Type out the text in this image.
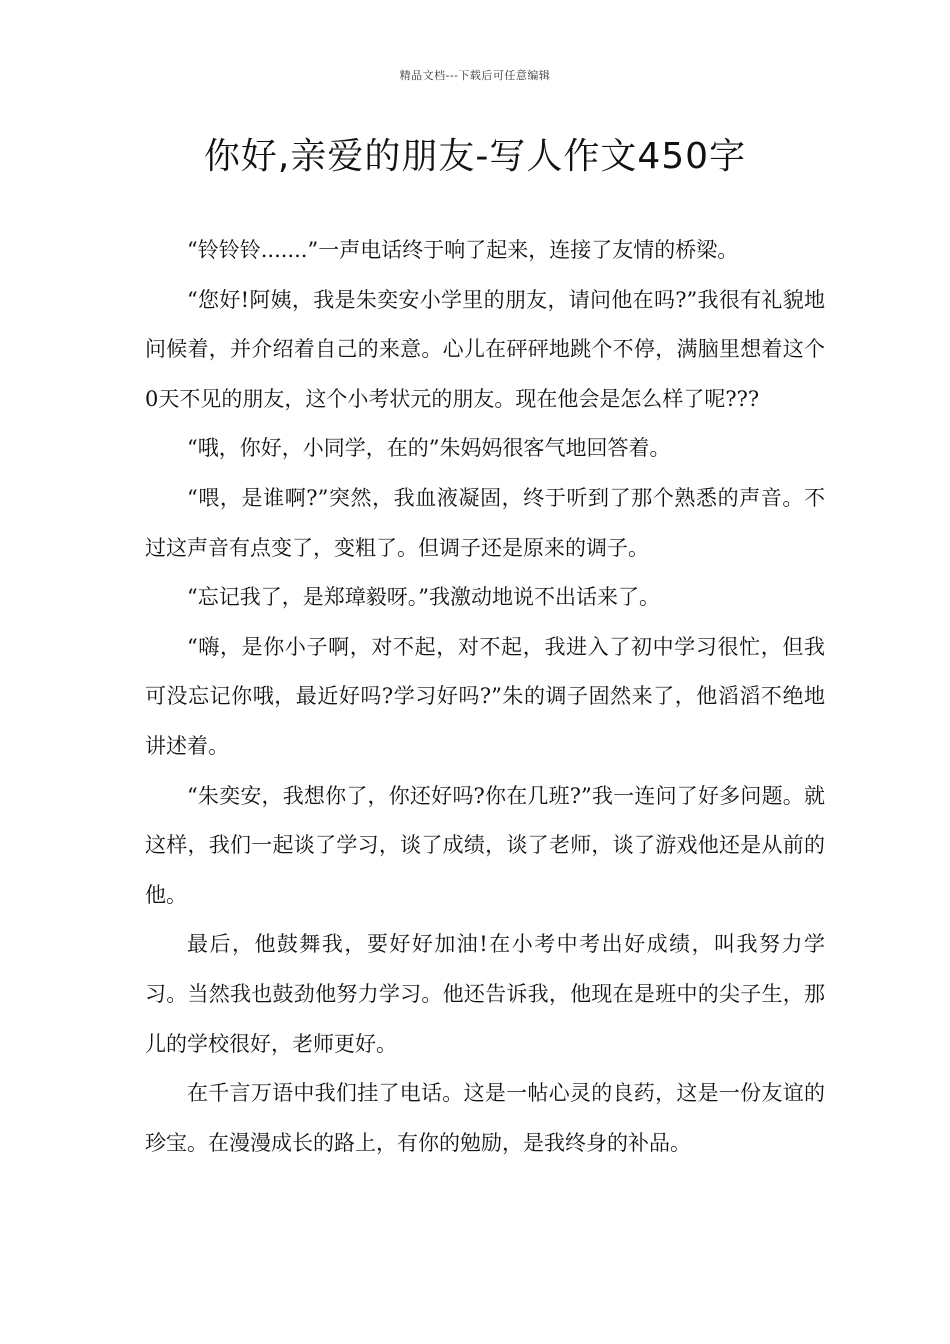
精品文档---下载后可任意编辑
你好,亲爱的朋友-写人作文450字

“铃铃铃.......”一声电话终于响了起来，连接了友情的桥梁。

“您好!阿姨，我是朱奕安小学里的朋友，请问他在吗?”我很有礼貌地问候着，并介绍着自己的来意。心儿在砰砰地跳个不停，满脑里想着这个0天不见的朋友，这个小考状元的朋友。现在他会是怎么样了呢???

“哦，你好，小同学，在的”朱妈妈很客气地回答着。

“喂，是谁啊?”突然，我血液凝固，终于听到了那个熟悉的声音。不过这声音有点变了，变粗了。但调子还是原来的调子。

“忘记我了，是郑璋毅呀。”我激动地说不出话来了。

“嗨，是你小子啊，对不起，对不起，我进入了初中学习很忙，但我可没忘记你哦，最近好吗?学习好吗?”朱的调子固然来了，他滔滔不绝地讲述着。

“朱奕安，我想你了，你还好吗?你在几班?”我一连问了好多问题。就这样，我们一起谈了学习，谈了成绩，谈了老师，谈了游戏他还是从前的他。

最后，他鼓舞我，要好好加油!在小考中考出好成绩，叫我努力学习。当然我也鼓劲他努力学习。他还告诉我，他现在是班中的尖子生，那儿的学校很好，老师更好。

在千言万语中我们挂了电话。这是一帖心灵的良药，这是一份友谊的珍宝。在漫漫成长的路上，有你的勉励，是我终身的补品。
